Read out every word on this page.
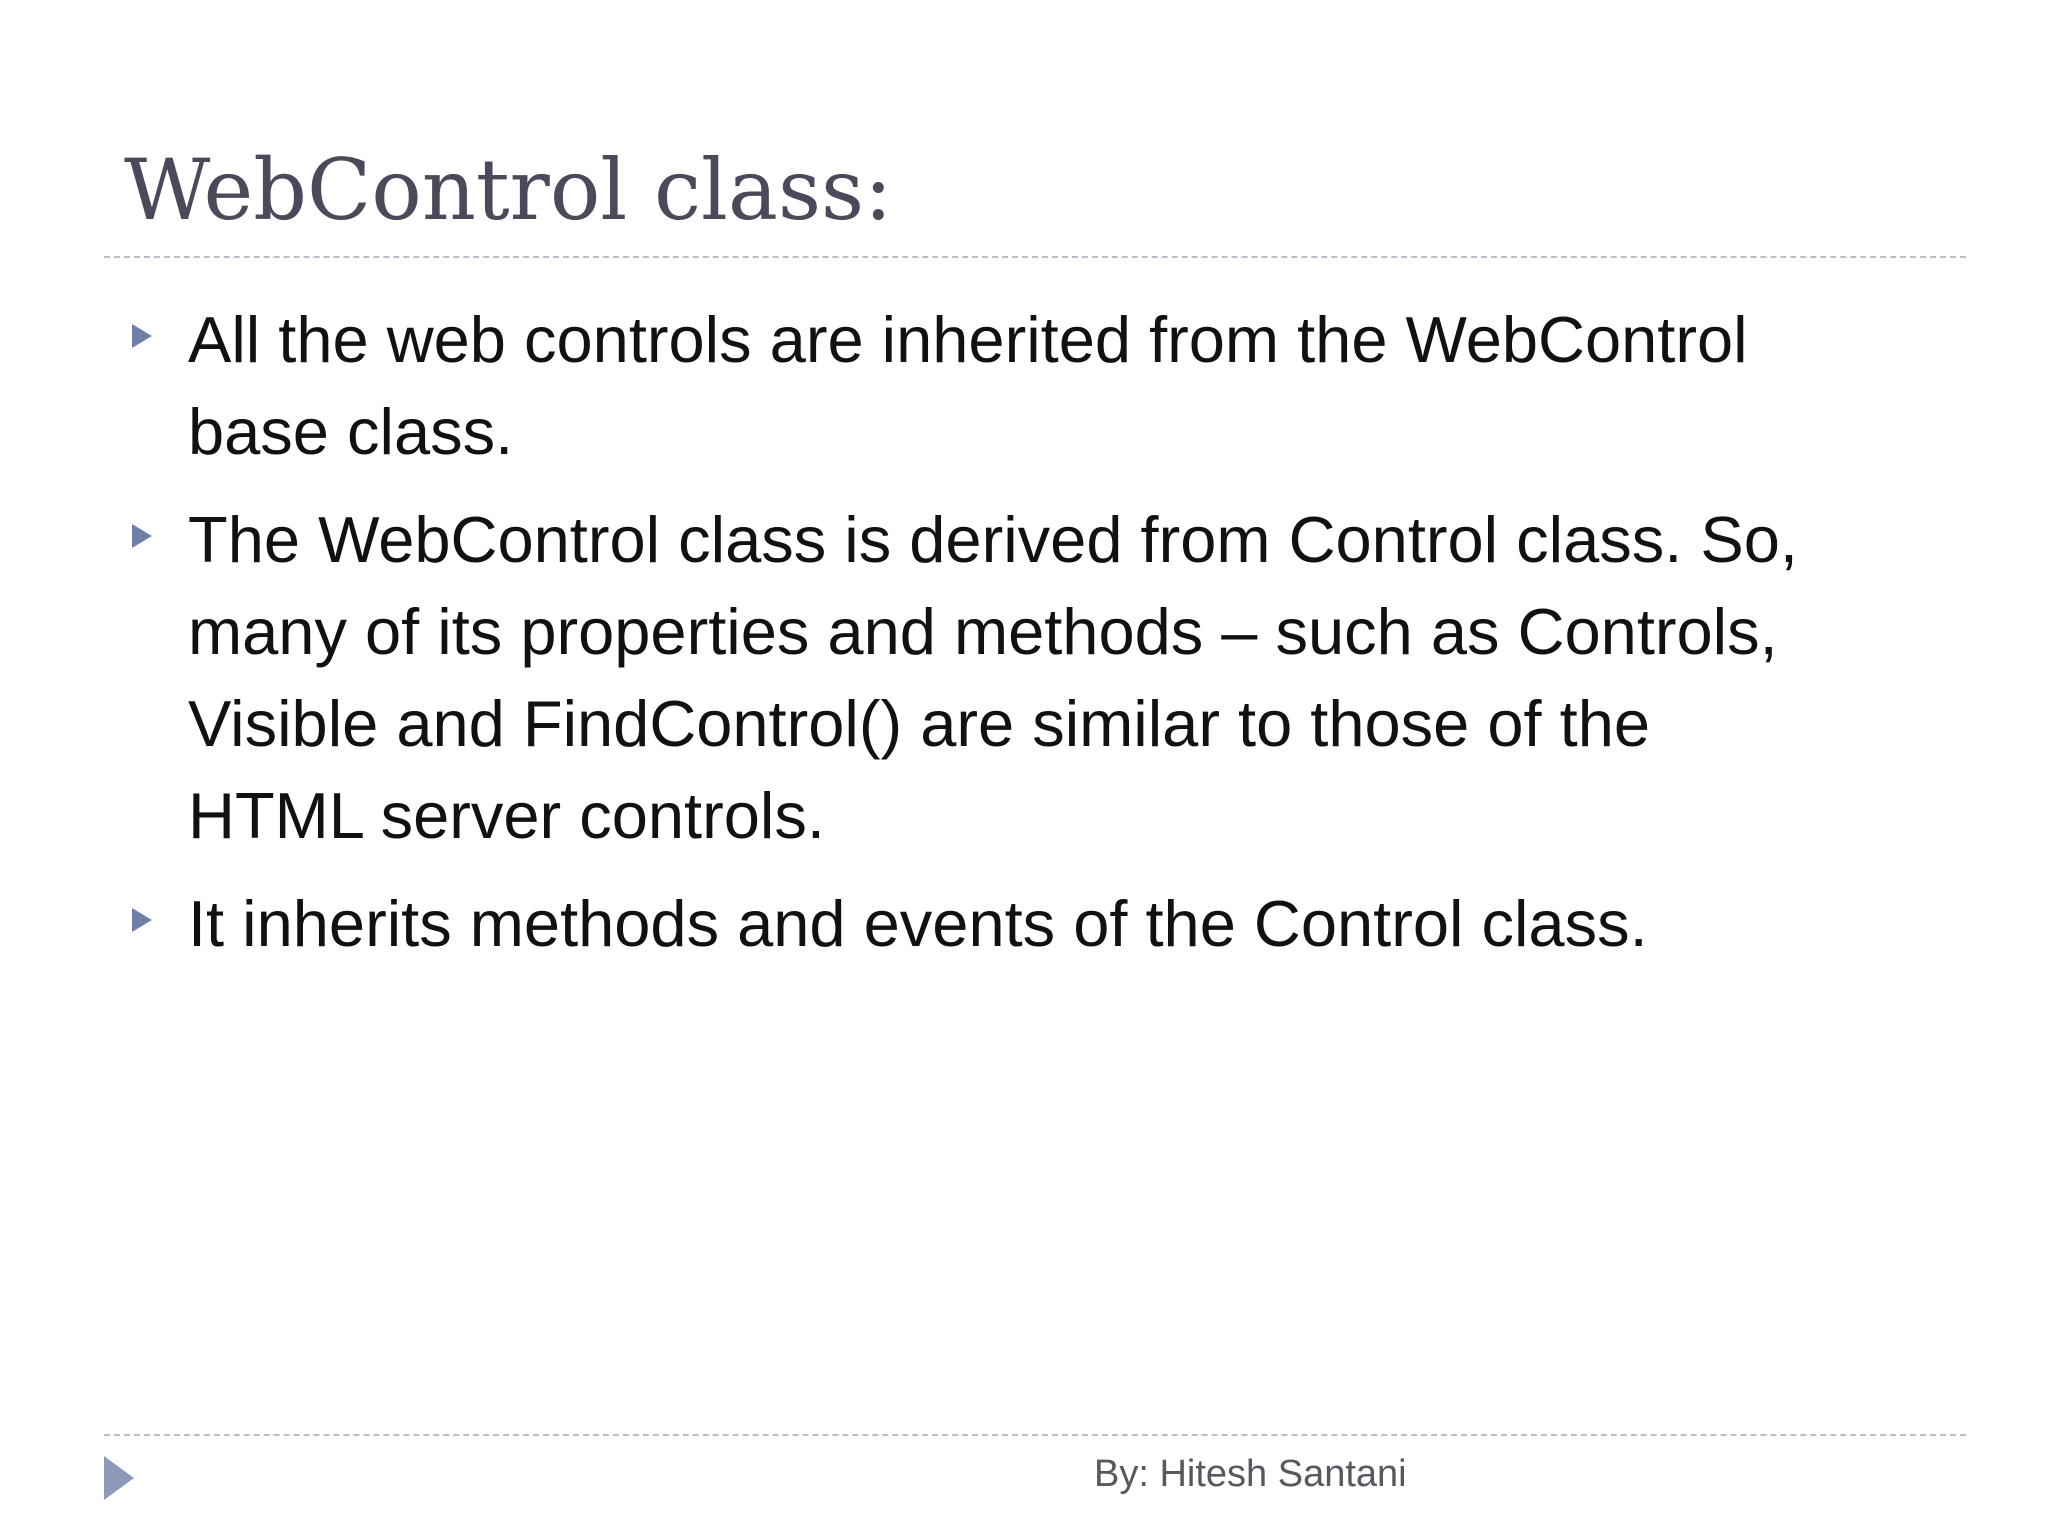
WebControl class:
All the web controls are inherited from the WebControl
base class.
The WebControl class is derived from Control class. So,
many of its properties and methods – such as Controls,
Visible and FindControl() are similar to those of the
HTML server controls.
It inherits methods and events of the Control class.
By: Hitesh Santani
